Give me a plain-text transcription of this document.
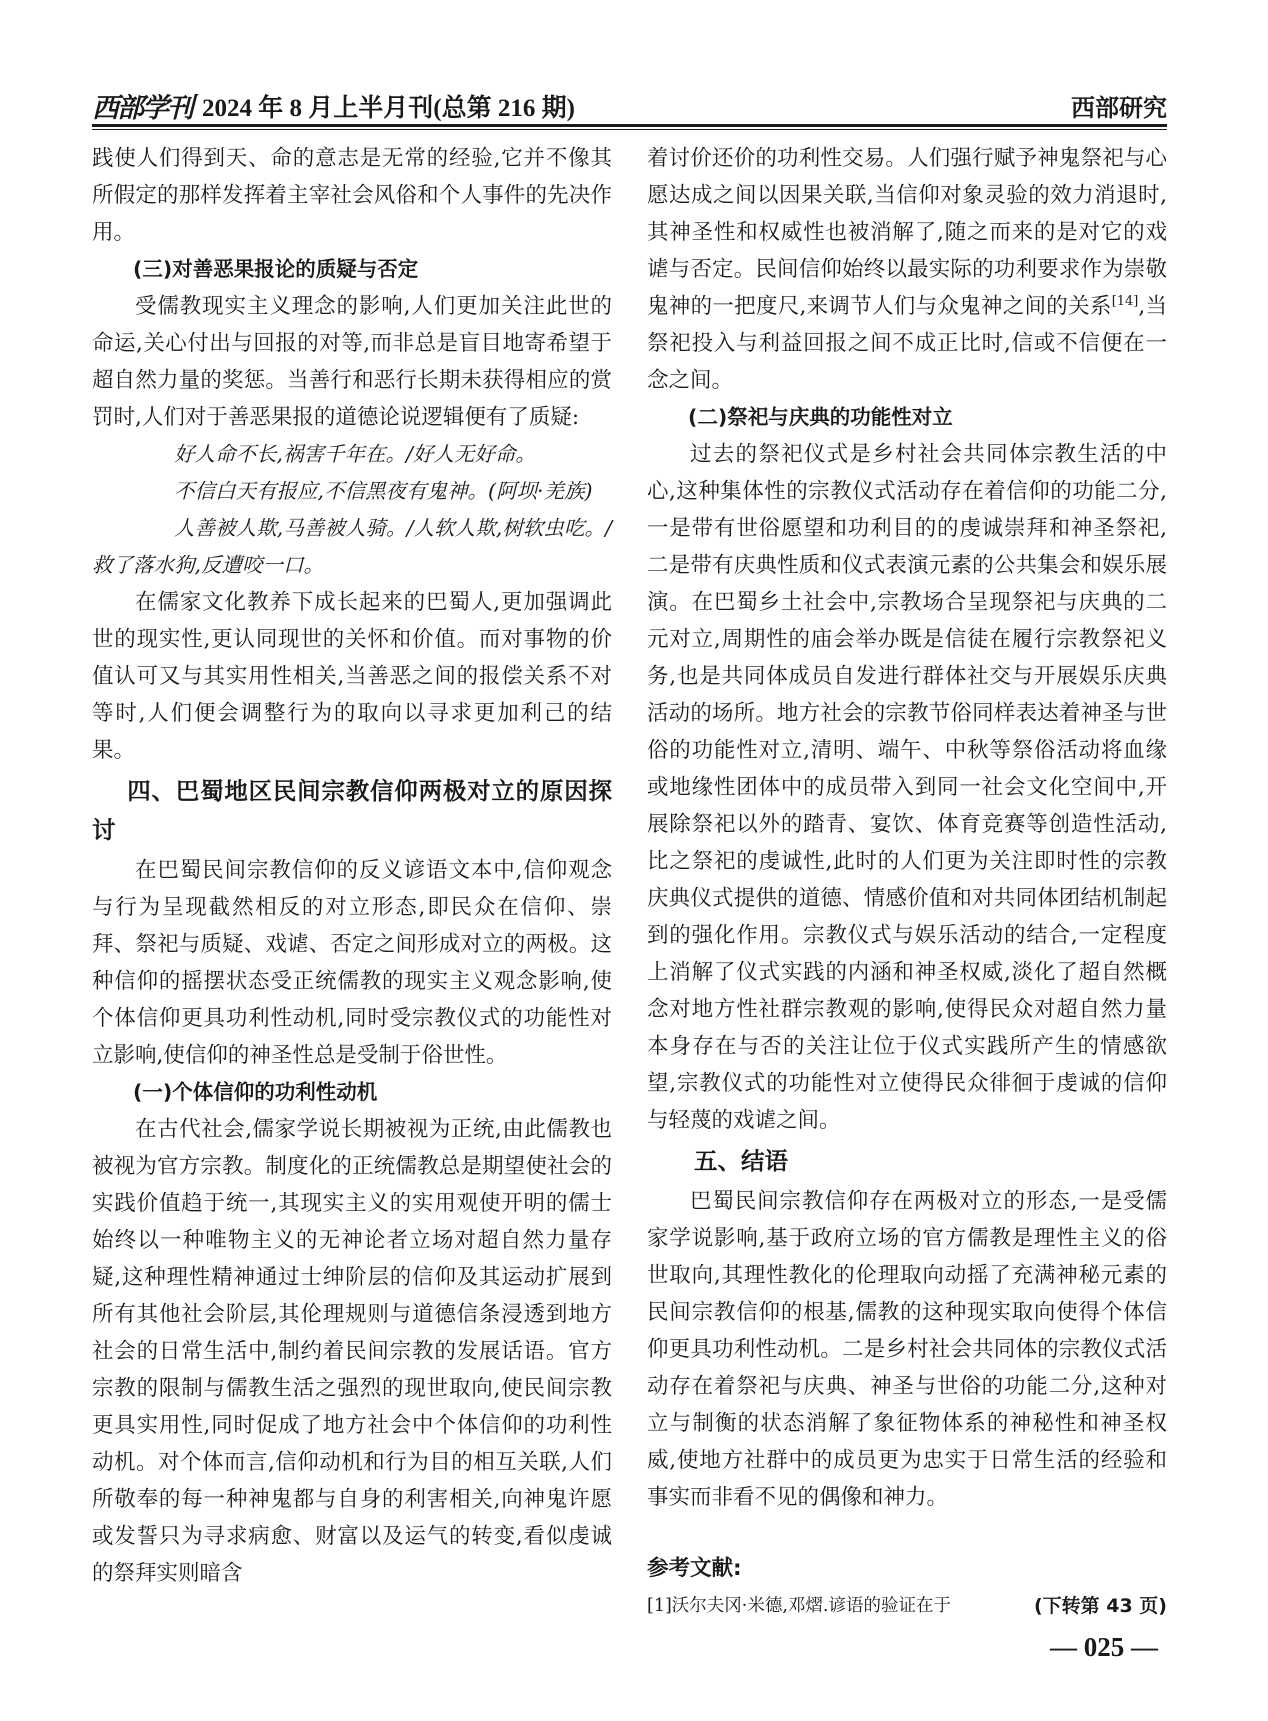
西部学刊 2024 年 8 月上半月刊(总第 216 期)	西部研究

践使人们得到天、命的意志是无常的经验,它并不像其所假定的那样发挥着主宰社会风俗和个人事件的先决作用。

(三)对善恶果报论的质疑与否定

受儒教现实主义理念的影响,人们更加关注此世的命运,关心付出与回报的对等,而非总是盲目地寄希望于超自然力量的奖惩。当善行和恶行长期未获得相应的赏罚时,人们对于善恶果报的道德论说逻辑便有了质疑:

好人命不长,祸害千年在。/好人无好命。

不信白天有报应,不信黑夜有鬼神。(阿坝·羌族)

人善被人欺,马善被人骑。/人软人欺,树软虫吃。/救了落水狗,反遭咬一口。

在儒家文化教养下成长起来的巴蜀人,更加强调此世的现实性,更认同现世的关怀和价值。而对事物的价值认可又与其实用性相关,当善恶之间的报偿关系不对等时,人们便会调整行为的取向以寻求更加利己的结果。

四、巴蜀地区民间宗教信仰两极对立的原因探讨

在巴蜀民间宗教信仰的反义谚语文本中,信仰观念与行为呈现截然相反的对立形态,即民众在信仰、崇拜、祭祀与质疑、戏谑、否定之间形成对立的两极。这种信仰的摇摆状态受正统儒教的现实主义观念影响,使个体信仰更具功利性动机,同时受宗教仪式的功能性对立影响,使信仰的神圣性总是受制于俗世性。

(一)个体信仰的功利性动机

在古代社会,儒家学说长期被视为正统,由此儒教也被视为官方宗教。制度化的正统儒教总是期望使社会的实践价值趋于统一,其现实主义的实用观使开明的儒士始终以一种唯物主义的无神论者立场对超自然力量存疑,这种理性精神通过士绅阶层的信仰及其运动扩展到所有其他社会阶层,其伦理规则与道德信条浸透到地方社会的日常生活中,制约着民间宗教的发展话语。官方宗教的限制与儒教生活之强烈的现世取向,使民间宗教更具实用性,同时促成了地方社会中个体信仰的功利性动机。对个体而言,信仰动机和行为目的相互关联,人们所敬奉的每一种神鬼都与自身的利害相关,向神鬼许愿或发誓只为寻求病愈、财富以及运气的转变,看似虔诚的祭拜实则暗含

着讨价还价的功利性交易。人们强行赋予神鬼祭祀与心愿达成之间以因果关联,当信仰对象灵验的效力消退时,其神圣性和权威性也被消解了,随之而来的是对它的戏谑与否定。民间信仰始终以最实际的功利要求作为崇敬鬼神的一把度尺,来调节人们与众鬼神之间的关系[14],当祭祀投入与利益回报之间不成正比时,信或不信便在一念之间。

(二)祭祀与庆典的功能性对立

过去的祭祀仪式是乡村社会共同体宗教生活的中心,这种集体性的宗教仪式活动存在着信仰的功能二分,一是带有世俗愿望和功利目的的虔诚崇拜和神圣祭祀,二是带有庆典性质和仪式表演元素的公共集会和娱乐展演。在巴蜀乡土社会中,宗教场合呈现祭祀与庆典的二元对立,周期性的庙会举办既是信徒在履行宗教祭祀义务,也是共同体成员自发进行群体社交与开展娱乐庆典活动的场所。地方社会的宗教节俗同样表达着神圣与世俗的功能性对立,清明、端午、中秋等祭俗活动将血缘或地缘性团体中的成员带入到同一社会文化空间中,开展除祭祀以外的踏青、宴饮、体育竞赛等创造性活动,比之祭祀的虔诚性,此时的人们更为关注即时性的宗教庆典仪式提供的道德、情感价值和对共同体团结机制起到的强化作用。宗教仪式与娱乐活动的结合,一定程度上消解了仪式实践的内涵和神圣权威,淡化了超自然概念对地方性社群宗教观的影响,使得民众对超自然力量本身存在与否的关注让位于仪式实践所产生的情感欲望,宗教仪式的功能性对立使得民众徘徊于虔诚的信仰与轻蔑的戏谑之间。

五、结语

巴蜀民间宗教信仰存在两极对立的形态,一是受儒家学说影响,基于政府立场的官方儒教是理性主义的俗世取向,其理性教化的伦理取向动摇了充满神秘元素的民间宗教信仰的根基,儒教的这种现实取向使得个体信仰更具功利性动机。二是乡村社会共同体的宗教仪式活动存在着祭祀与庆典、神圣与世俗的功能二分,这种对立与制衡的状态消解了象征物体系的神秘性和神圣权威,使地方社群中的成员更为忠实于日常生活的经验和事实而非看不见的偶像和神力。

参考文献:

[1]沃尔夫冈·米德,邓熠.谚语的验证在于	(下转第 43 页)

— 025 —
